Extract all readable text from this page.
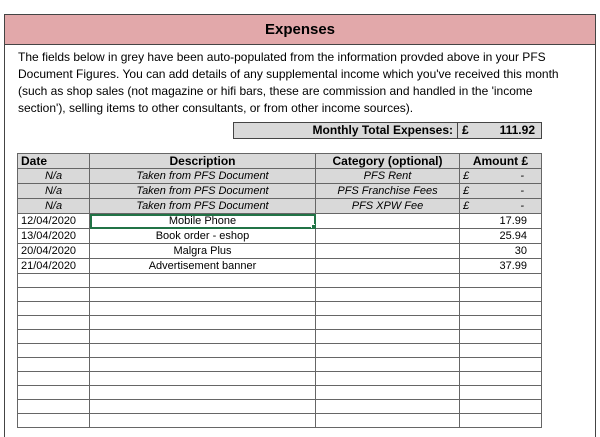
Expenses
The fields below in grey have been auto-populated from the information provded above in your PFS Document Figures. You can add details of any supplemental income which you've received this month (such as shop sales (not magazine or hifi bars, these are commission and handled in the 'income section'), selling items to other consultants, or from other income sources).
Monthly Total Expenses: £	111.92
Date	Description	Category (optional)	Amount £
N/a	Taken from PFS Document	PFS Rent	£ -

N/a	Taken from PFS Document	PFS Franchise Fees	£ -

N/a	Taken from PFS Document	PFS XPW Fee	£ -

12/04/2020	Mobile Phone		17.99
13/04/2020	Book order - eshop		25.94
20/04/2020	Malgra Plus		30
21/04/2020	Advertisement banner		37.99
